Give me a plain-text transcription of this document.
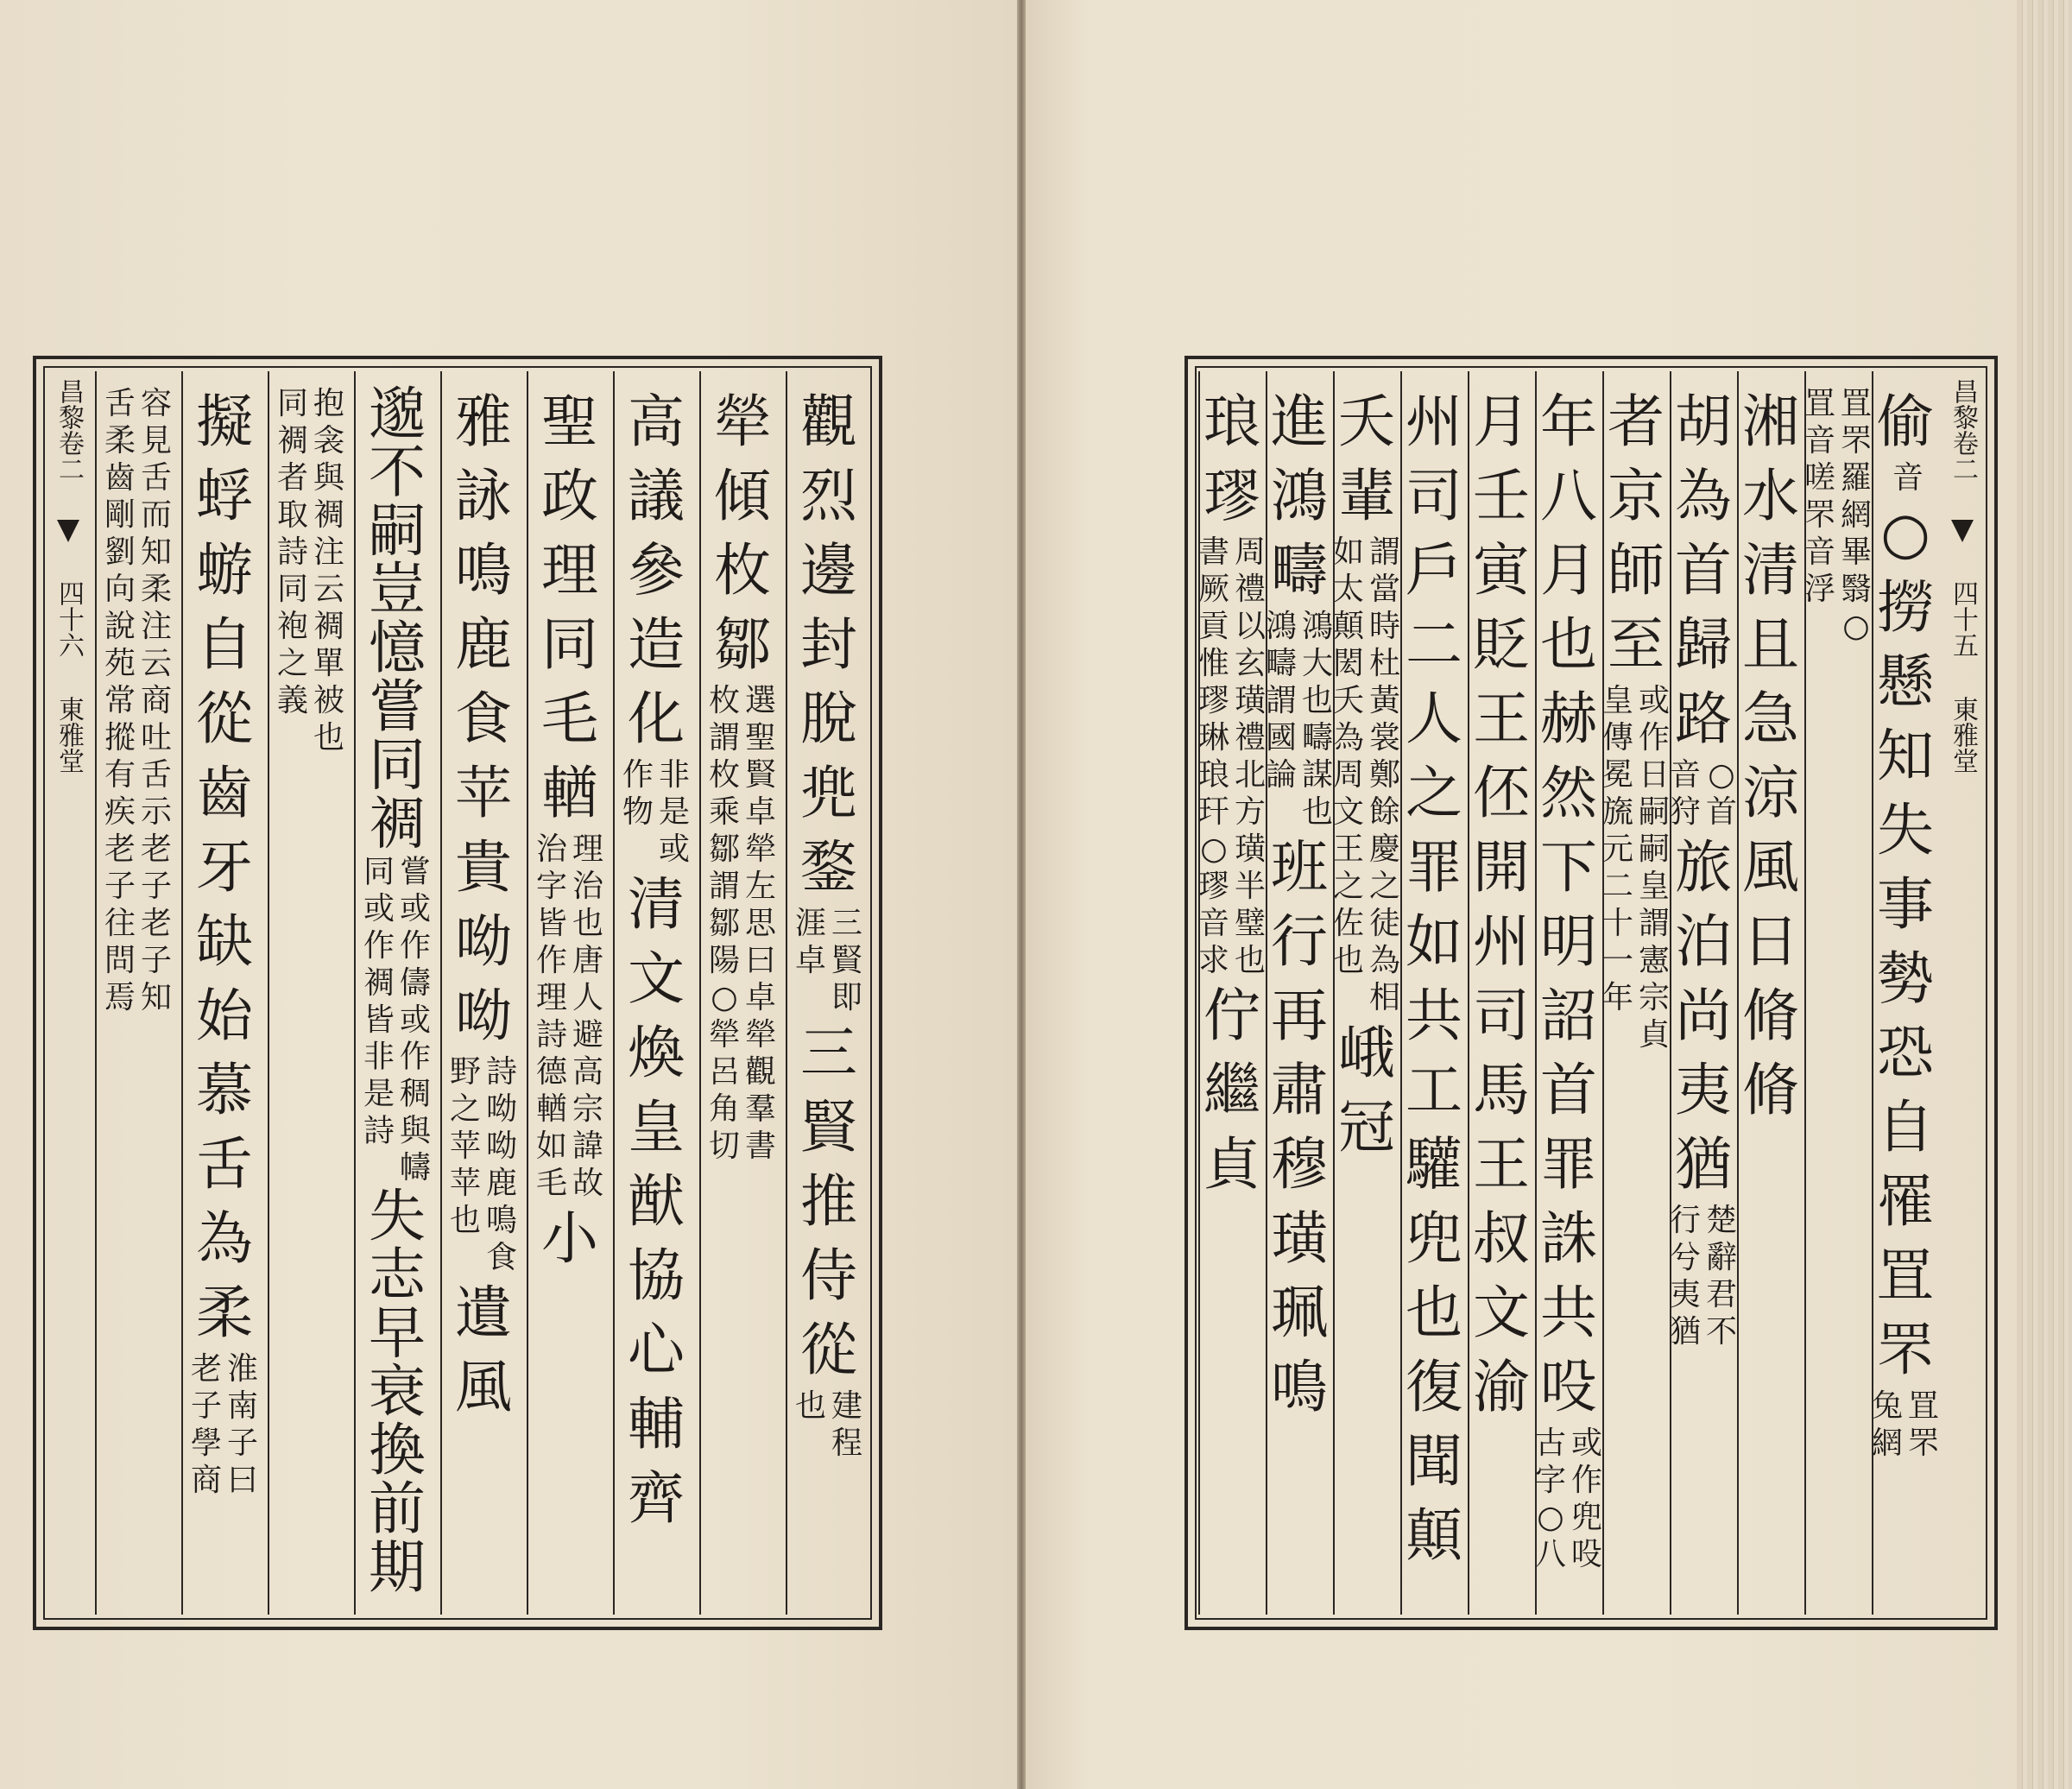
昌黎卷二
四十六
東雅堂
觀
烈
邊
封
脫
兠
鍪
三
賢
即
涯
卓
三
賢
推
侍
從
建
程
也
犖
傾
枚
鄒
選
聖
賢
卓
犖
左
思
曰
卓
犖
觀
羣
書
枚
謂
枚
乘
鄒
謂
鄒
陽
○
犖
呂
角
切
高
議
參
造
化
非
是
或
作
物
清
文
煥
皇
猷
協
心
輔
齊
聖
政
理
同
毛
輶
理
治
也
唐
人
避
高
宗
諱
故
治
字
皆
作
理
詩
德
輶
如
毛
小
雅
詠
鳴
鹿
食
苹
貴
呦
呦
詩
呦
呦
鹿
鳴
食
野
之
苹
苹
也
遺
風
邈
不
嗣
豈
憶
嘗
同
裯
嘗
或
作
儔
或
作
稠
與
幬
同
或
作
裯
皆
非
是
詩
失
志
早
衰
換
前
期
抱
衾
與
裯
注
云
裯
單
被
也
同
裯
者
取
詩
同
袍
之
義
擬
蜉
蝣
自
從
齒
牙
缺
始
慕
舌
為
柔
淮
南
子
曰
老
子
學
商
容
見
舌
而
知
柔
注
云
商
吐
舌
示
老
子
老
子
知
舌
柔
齒
剛
劉
向
說
苑
常
摐
有
疾
老
子
往
問
焉
昌黎卷二
四十五
東雅堂
偷
音
○
撈
懸
知
失
事
勢
恐
自
罹
罝
罘
罝
罘
兔
網
罝
罘
羅
網
畢
翳
○
罝
音
嗟
罘
音
浮
湘
水
清
且
急
涼
風
日
脩
脩
胡
為
首
歸
路
○
首
音
狩
旅
泊
尚
夷
猶
楚
辭
君
不
行
兮
夷
猶
者
京
師
至
或
作
日
嗣
皇
傳
冕
旒
嗣
皇
謂
憲
宗
貞
元
二
十
一
年
年
八
月
也
赫
然
下
明
詔
首
罪
誅
共
吺
或
作
兜
吺
古
字
○
八
月
壬
寅
貶
王
伾
開
州
司
馬
王
叔
文
渝
州
司
戶
二
人
之
罪
如
共
工
驩
兜
也
復
聞
顛
夭
輩
謂
當
時
杜
黃
裳
鄭
餘
慶
之
徒
為
相
如
太
顛
閎
夭
為
周
文
王
之
佐
也
峨
冠
進
鴻
疇
鴻
大
也
疇
謀
也
鴻
疇
謂
國
論
班
行
再
肅
穆
璜
珮
鳴
琅
璆
周
禮
以
玄
璜
禮
北
方
璜
半
璧
也
書
厥
貢
惟
璆
琳
琅
玕
○
璆
音
求
佇
繼
貞
